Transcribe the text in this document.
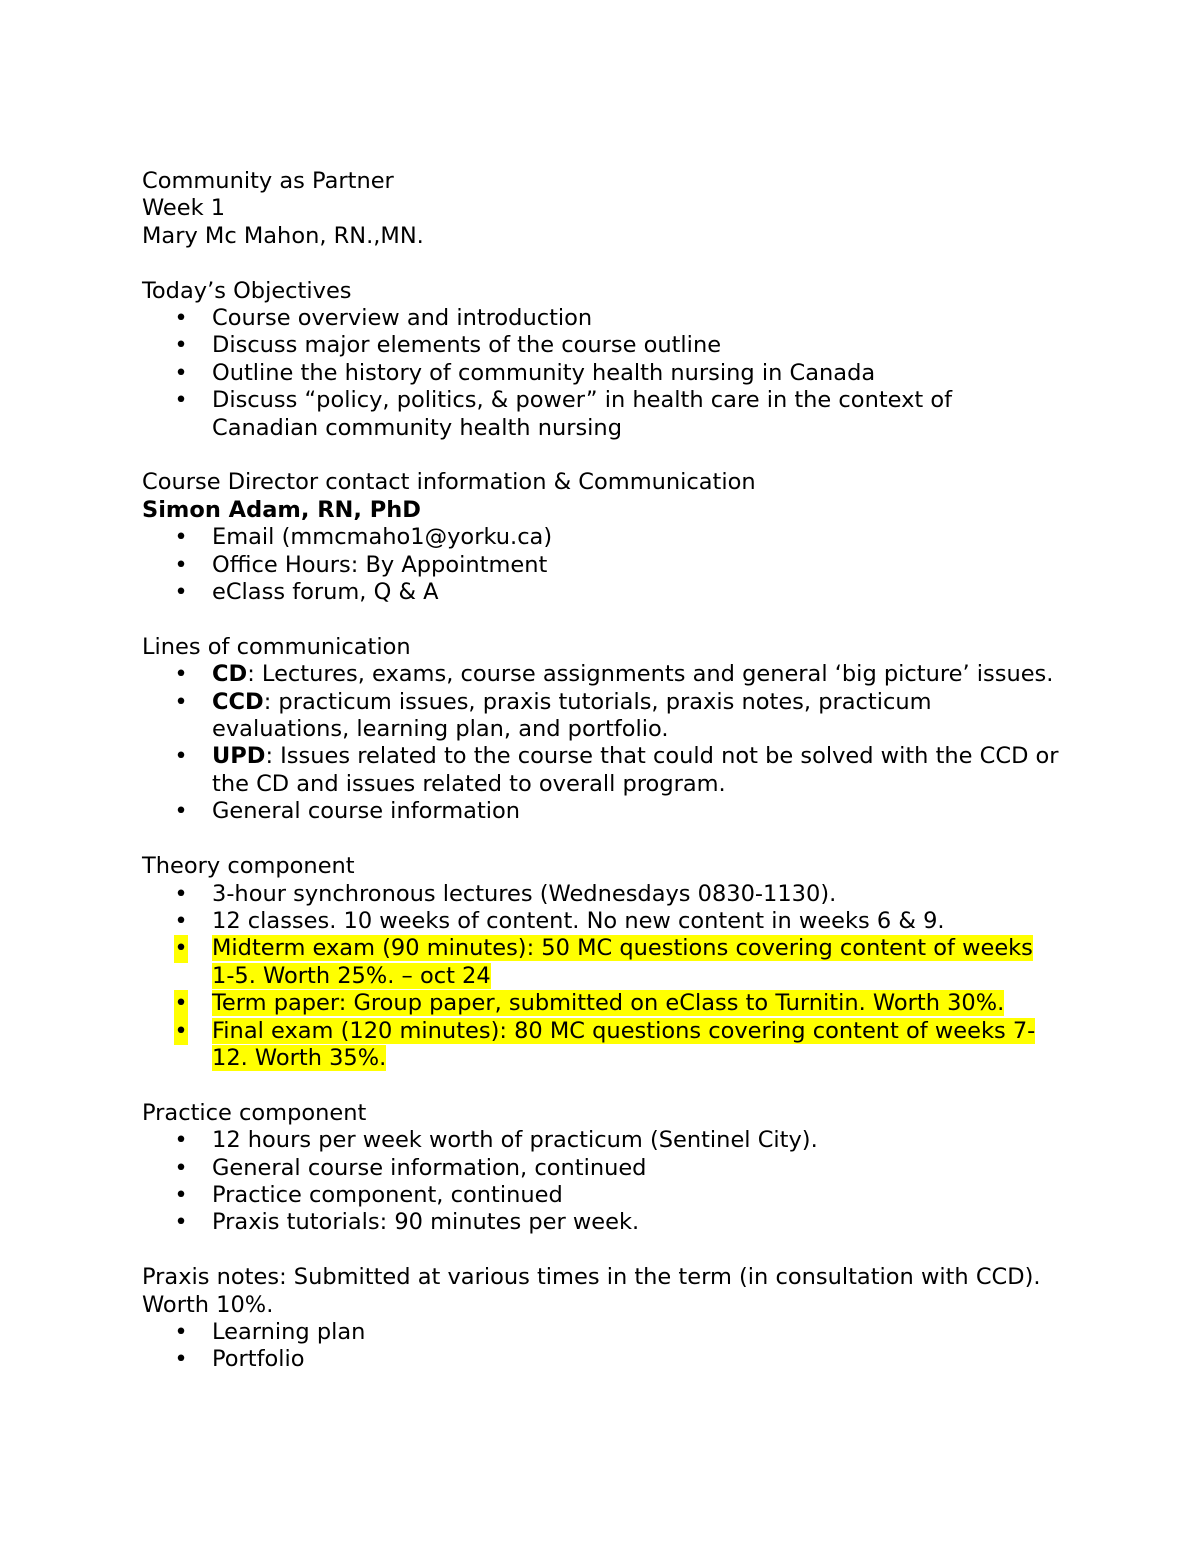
Community as Partner

Week 1

Mary Mc Mahon, RN.,MN.

Today’s Objectives

• Course overview and introduction
• Discuss major elements of the course outline
• Outline the history of community health nursing in Canada
• Discuss “policy, politics, & power” in health care in the context of Canadian community health nursing

Course Director contact information & Communication

Simon Adam, RN, PhD

• Email (mmcmaho1@yorku.ca)
• Office Hours: By Appointment
• eClass forum, Q & A

Lines of communication

• CD: Lectures, exams, course assignments and general ‘big picture’ issues.
• CCD: practicum issues, praxis tutorials, praxis notes, practicum evaluations, learning plan, and portfolio.
• UPD: Issues related to the course that could not be solved with the CCD or the CD and issues related to overall program.
• General course information

Theory component

• 3-hour synchronous lectures (Wednesdays 0830-1130).
• 12 classes. 10 weeks of content. No new content in weeks 6 & 9.
• Midterm exam (90 minutes): 50 MC questions covering content of weeks 1-5. Worth 25%. – oct 24
• Term paper: Group paper, submitted on eClass to Turnitin. Worth 30%.
• Final exam (120 minutes): 80 MC questions covering content of weeks 7-12. Worth 35%.

Practice component

• 12 hours per week worth of practicum (Sentinel City).
• General course information, continued
• Practice component, continued
• Praxis tutorials: 90 minutes per week.

Praxis notes: Submitted at various times in the term (in consultation with CCD). Worth 10%.

• Learning plan
• Portfolio
